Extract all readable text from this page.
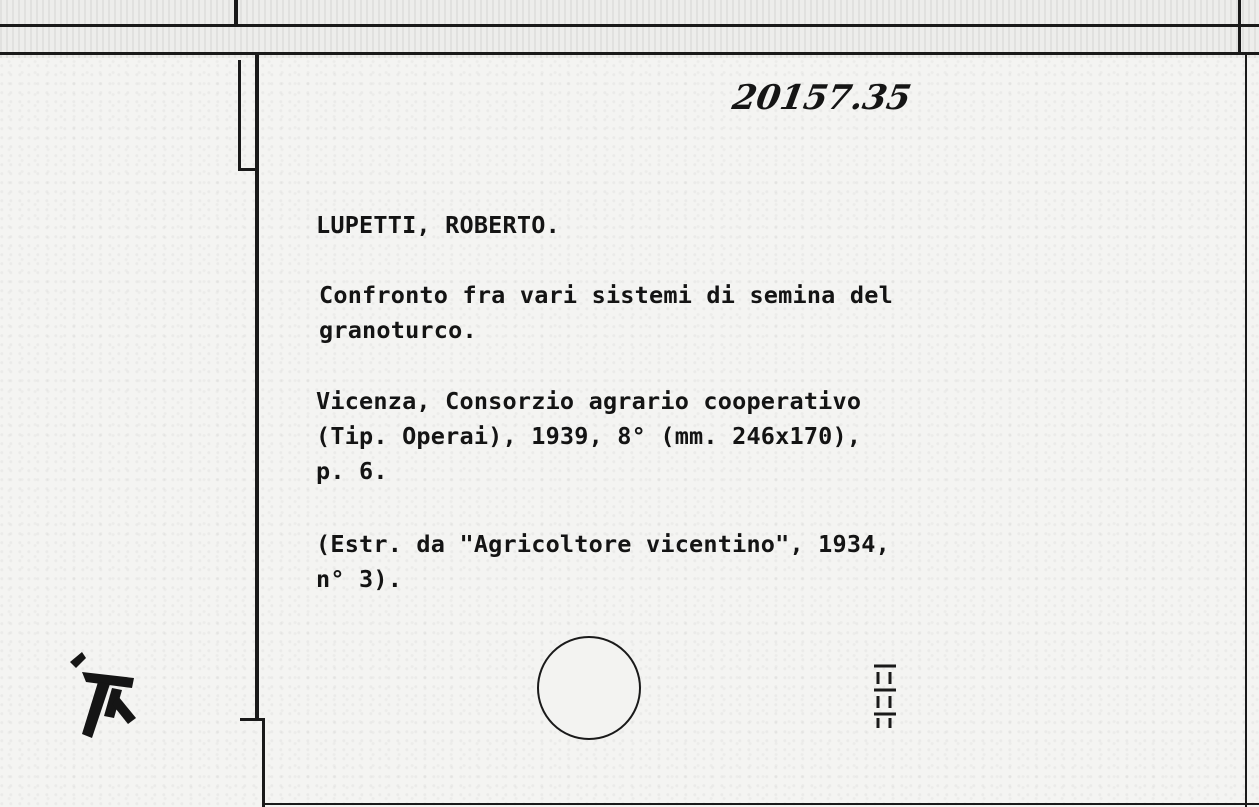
20157.35
LUPETTI, ROBERTO.
Confronto fra vari sistemi di semina del
granoturco.
Vicenza, Consorzio agrario cooperativo
(Tip. Operai), 1939, 8° (mm. 246x170),
p. 6.
(Estr. da "Agricoltore vicentino", 1934,
n° 3).
